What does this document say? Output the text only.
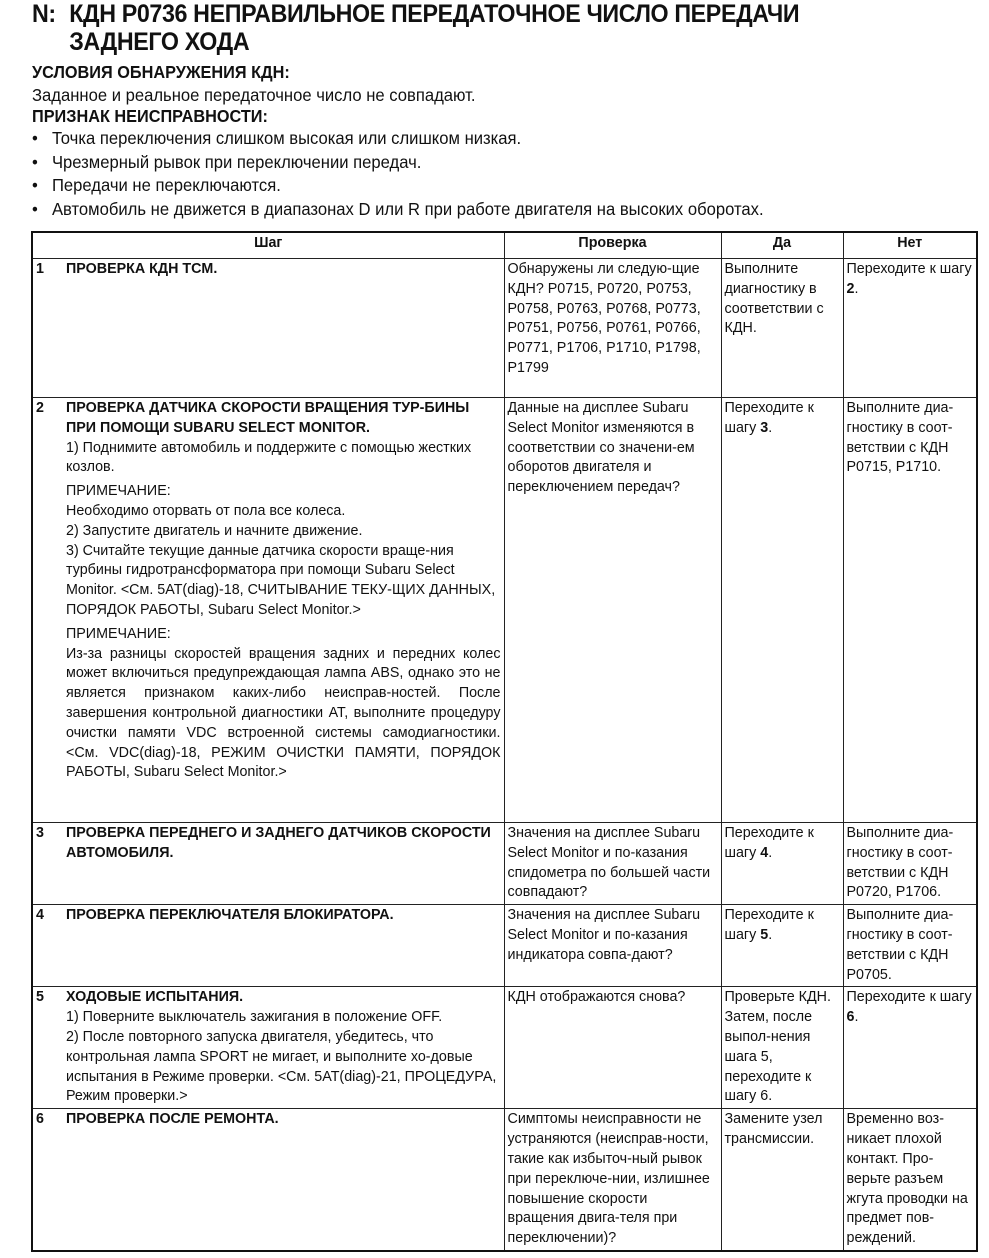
N: КДН P0736 НЕПРАВИЛЬНОЕ ПЕРЕДАТОЧНОЕ ЧИСЛО ПЕРЕДАЧИ
ЗАДНЕГО ХОДА
УСЛОВИЯ ОБНАРУЖЕНИЯ КДН:
Заданное и реальное передаточное число не совпадают.
ПРИЗНАК НЕИСПРАВНОСТИ:
• Точка переключения слишком высокая или слишком низкая.
• Чрезмерный рывок при переключении передач.
• Передачи не переключаются.
• Автомобиль не движется в диапазонах D или R при работе двигателя на высоких оборотах.
Шаг	Проверка	Да	Нет

1 ПРОВЕРКА КДН TCM.	Обнаружены ли следую-щие КДН? P0715, P0720, P0753, P0758, P0763, P0768, P0773, P0751, P0756, P0761, P0766, P0771, P1706, P1710, P1798, P1799	Выполните диагностику в соответствии с КДН.	Переходите к шагу 2.

2	ПРОВЕРКА ДАТЧИКА СКОРОСТИ ВРАЩЕНИЯ ТУР-БИНЫ ПРИ ПОМОЩИ SUBARU SELECT MONITOR.

1) Поднимите автомобиль и поддержите с помощью жестких козлов.

ПРИМЕЧАНИЕ:

Необходимо оторвать от пола все колеса.

2) Запустите двигатель и начните движение.

3) Считайте текущие данные датчика скорости враще-ния турбины гидротрансформатора при помощи Subaru Select Monitor. <См. 5AT(diag)-18, СЧИТЫВАНИЕ ТЕКУ-ЩИХ ДАННЫХ, ПОРЯДОК РАБОТЫ, Subaru Select Monitor.>

ПРИМЕЧАНИЕ:

Из-за разницы скоростей вращения задних и передних колес может включиться предупреждающая лампа ABS, однако это не является признаком каких-либо неисправ-ностей. После завершения контрольной диагностики AT, выполните процедуру очистки памяти VDC встроенной системы самодиагностики. <См. VDC(diag)-18, РЕЖИМ ОЧИСТКИ ПАМЯТИ, ПОРЯДОК РАБОТЫ, Subaru Select Monitor.>

	Данные на дисплее Subaru Select Monitor изменяются в соответствии со значени-ем оборотов двигателя и переключением передач?	Переходите к шагу 3.	Выполните диа-гностику в соот-ветствии с КДН P0715, P1710.

3 ПРОВЕРКА ПЕРЕДНЕГО И ЗАДНЕГО ДАТЧИКОВ СКОРОСТИ АВТОМОБИЛЯ.	Значения на дисплее Subaru Select Monitor и по-казания спидометра по большей части совпадают?	Переходите к шагу 4.	Выполните диа-гностику в соот-ветствии с КДН P0720, P1706.

4 ПРОВЕРКА ПЕРЕКЛЮЧАТЕЛЯ БЛОКИРАТОРА.	Значения на дисплее Subaru Select Monitor и по-казания индикатора совпа-дают?	Переходите к шагу 5.	Выполните диа-гностику в соот-ветствии с КДН P0705.

5 ХОДОВЫЕ ИСПЫТАНИЯ.

1) Поверните выключатель зажигания в положение OFF.

2) После повторного запуска двигателя, убедитесь, что контрольная лампа SPORT не мигает, и выполните хо-довые испытания в Режиме проверки. <См. 5AT(diag)-21, ПРОЦЕДУРА, Режим проверки.>	КДН отображаются снова?	Проверьте КДН. Затем, после выпол-нения шага 5, переходите к шагу 6.	Переходите к шагу 6.

6 ПРОВЕРКА ПОСЛЕ РЕМОНТА.	Симптомы неисправности не устраняются (неисправ-ности, такие как избыточ-ный рывок при переключе-нии, излишнее повышение скорости вращения двига-теля при переключении)?	Замените узел трансмиссии.	Временно воз-никает плохой контакт. Про-верьте разъем жгута проводки на предмет пов-реждений.
